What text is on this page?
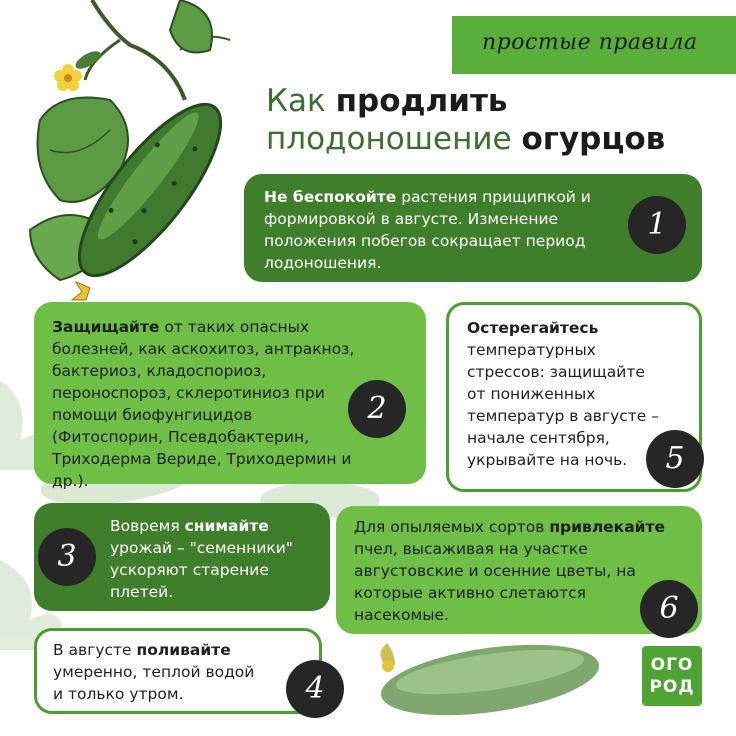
простые правила
Как продлить
плодоношение огурцов
Не беспокойте растения прищипкой и формировкой в августе. Изменение положения побегов сокращает период лодоношения.
1
Защищайте от таких опасных болезней, как аскохитоз, антракноз, бактериоз, кладоспориоз, пероноспороз, склеротиниоз при помощи биофунгицидов (Фитоспорин, Псевдобактерин, Триходерма Вериде, Триходермин и др.).
2
Вовремя снимайте урожай – "семенники" ускоряют старение плетей.
3
В августе поливайте умеренно, теплой водой и только утром.	4
Остерегайтесь температурных стрессов: защищайте от пониженных температур в августе – начале сентября, укрывайте на ночь.	5
Для опыляемых сортов привлекайте пчел, высаживая на участке августовские и осенние цветы, на которые активно слетаются насекомые.	6
ОГО
РОД
